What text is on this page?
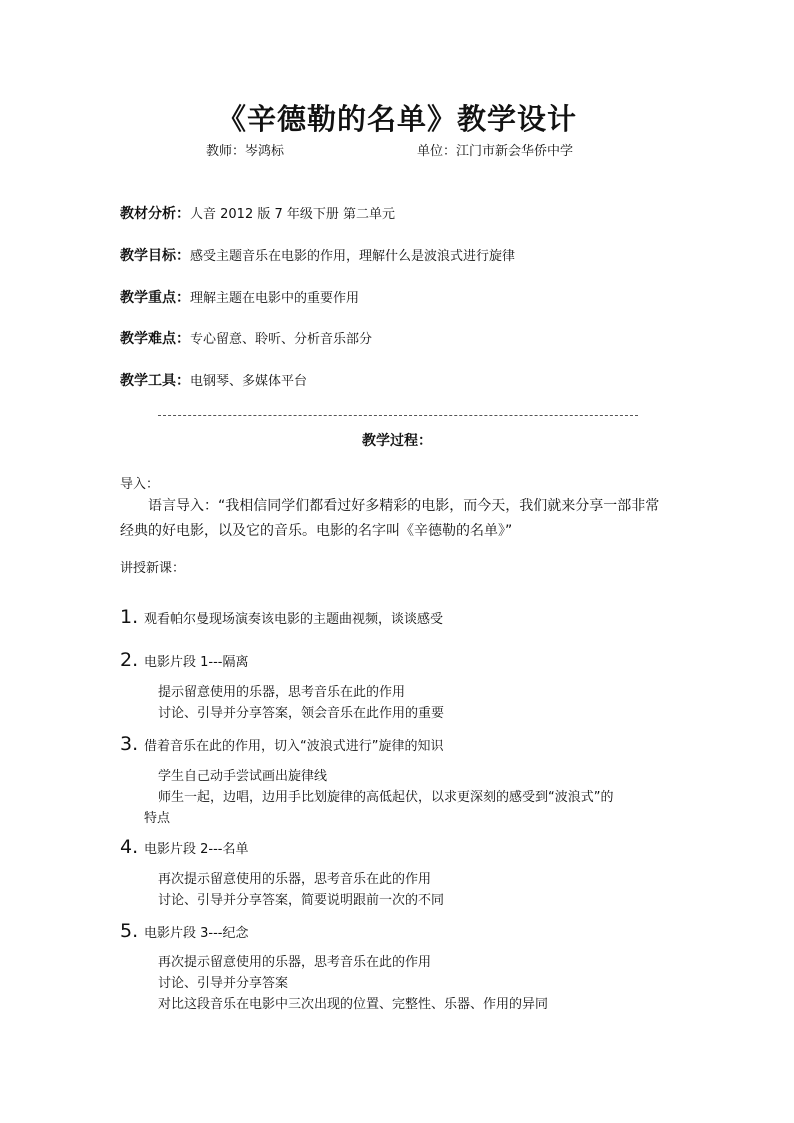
《辛德勒的名单》教学设计
教师：岑鸿标	单位：江门市新会华侨中学
教材分析：人音 2012 版 7 年级下册 第二单元
教学目标：感受主题音乐在电影的作用，理解什么是波浪式进行旋律
教学重点：理解主题在电影中的重要作用
教学难点：专心留意、聆听、分析音乐部分
教学工具：电钢琴、多媒体平台
教学过程：
导入：
语言导入：“我相信同学们都看过好多精彩的电影，而今天，我们就来分享一部非常
经典的好电影，以及它的音乐。电影的名字叫《辛德勒的名单》”
讲授新课：
1. 观看帕尔曼现场演奏该电影的主题曲视频，谈谈感受
2. 电影片段 1---隔离
提示留意使用的乐器，思考音乐在此的作用
讨论、引导并分享答案，领会音乐在此作用的重要
3. 借着音乐在此的作用，切入“波浪式进行”旋律的知识
学生自己动手尝试画出旋律线
师生一起，边唱，边用手比划旋律的高低起伏，以求更深刻的感受到“波浪式”的
特点
4. 电影片段 2---名单
再次提示留意使用的乐器，思考音乐在此的作用
讨论、引导并分享答案，简要说明跟前一次的不同
5. 电影片段 3---纪念
再次提示留意使用的乐器，思考音乐在此的作用
讨论、引导并分享答案
对比这段音乐在电影中三次出现的位置、完整性、乐器、作用的异同
